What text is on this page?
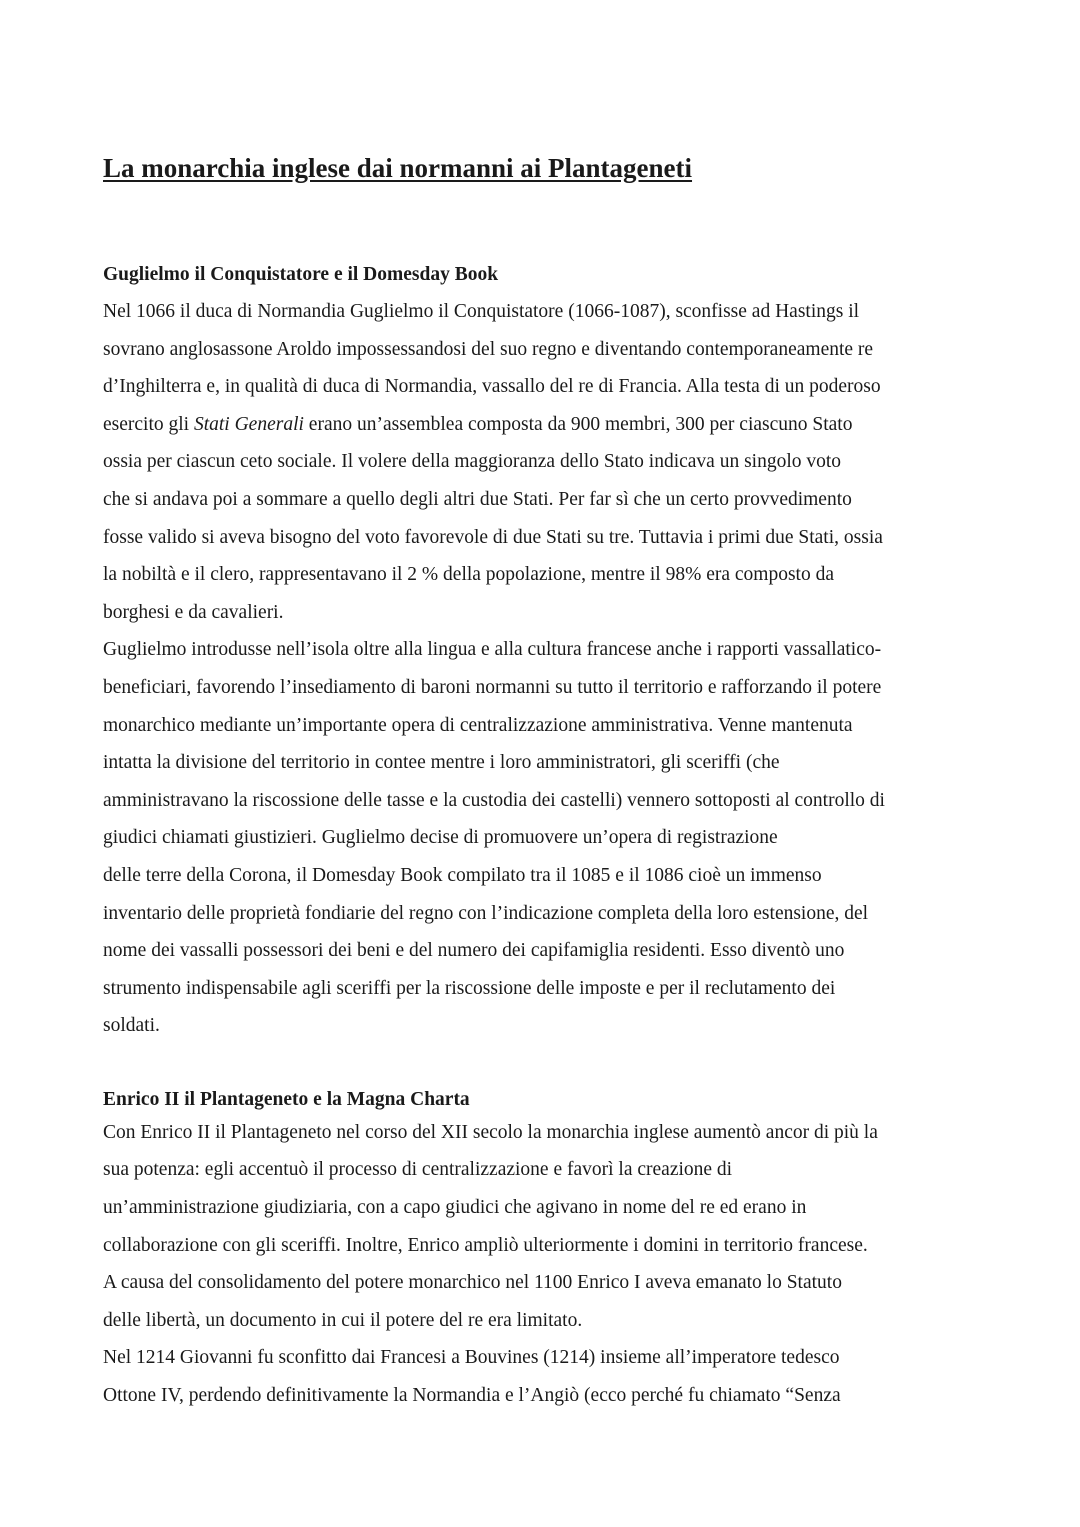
La monarchia inglese dai normanni ai Plantageneti
Guglielmo il Conquistatore e il Domesday Book

Nel 1066 il duca di Normandia Guglielmo il Conquistatore (1066-1087), sconfisse ad Hastings il

sovrano anglosassone Aroldo impossessandosi del suo regno e diventando contemporaneamente re

d’Inghilterra e, in qualità di duca di Normandia, vassallo del re di Francia. Alla testa di un poderoso

esercito gli Stati Generali erano un’assemblea composta da 900 membri, 300 per ciascuno Stato

ossia per ciascun ceto sociale. Il volere della maggioranza dello Stato indicava un singolo voto

che si andava poi a sommare a quello degli altri due Stati. Per far sì che un certo provvedimento

fosse valido si aveva bisogno del voto favorevole di due Stati su tre. Tuttavia i primi due Stati, ossia

la nobiltà e il clero, rappresentavano il 2 % della popolazione, mentre il 98% era composto da

borghesi e da cavalieri.

Guglielmo introdusse nell’isola oltre alla lingua e alla cultura francese anche i rapporti vassallatico-

beneficiari, favorendo l’insediamento di baroni normanni su tutto il territorio e rafforzando il potere

monarchico mediante un’importante opera di centralizzazione amministrativa. Venne mantenuta

intatta la divisione del territorio in contee mentre i loro amministratori, gli sceriffi (che

amministravano la riscossione delle tasse e la custodia dei castelli) vennero sottoposti al controllo di

giudici chiamati giustizieri. Guglielmo decise di promuovere un’opera di registrazione

delle terre della Corona, il Domesday Book compilato tra il 1085 e il 1086 cioè un immenso

inventario delle proprietà fondiarie del regno con l’indicazione completa della loro estensione, del

nome dei vassalli possessori dei beni e del numero dei capifamiglia residenti. Esso diventò uno

strumento indispensabile agli sceriffi per la riscossione delle imposte e per il reclutamento dei

soldati.

Enrico II il Plantageneto e la Magna Charta

Con Enrico II il Plantageneto nel corso del XII secolo la monarchia inglese aumentò ancor di più la

sua potenza: egli accentuò il processo di centralizzazione e favorì la creazione di

un’amministrazione giudiziaria, con a capo giudici che agivano in nome del re ed erano in

collaborazione con gli sceriffi. Inoltre, Enrico ampliò ulteriormente i domini in territorio francese.

A causa del consolidamento del potere monarchico nel 1100 Enrico I aveva emanato lo Statuto

delle libertà, un documento in cui il potere del re era limitato.

Nel 1214 Giovanni fu sconfitto dai Francesi a Bouvines (1214) insieme all’imperatore tedesco

Ottone IV, perdendo definitivamente la Normandia e l’Angiò (ecco perché fu chiamato “Senza
